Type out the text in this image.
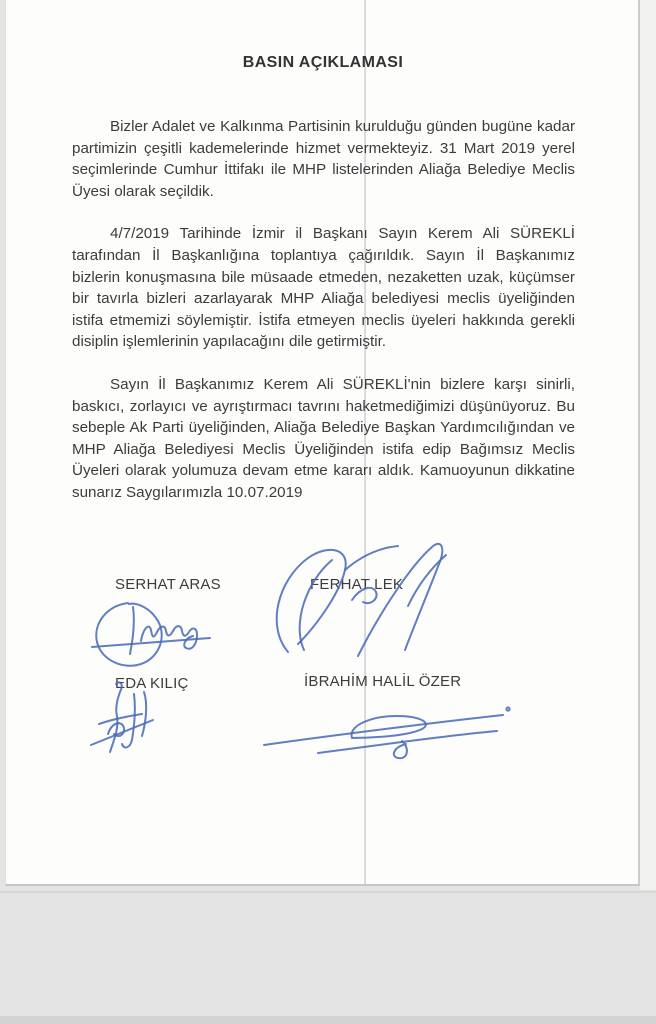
BASIN AÇIKLAMASI

Bizler Adalet ve Kalkınma Partisinin kurulduğu günden bugüne kadar partimizin çeşitli kademelerinde hizmet vermekteyiz. 31 Mart 2019 yerel seçimlerinde Cumhur İttifakı ile MHP listelerinden Aliağa Belediye Meclis Üyesi olarak seçildik.

4/7/2019 Tarihinde İzmir il Başkanı Sayın Kerem Ali SÜREKLİ tarafından İl Başkanlığına toplantıya çağırıldık. Sayın İl Başkanımız bizlerin konuşmasına bile müsaade etmeden, nezaketten uzak, küçümser bir tavırla bizleri azarlayarak MHP Aliağa belediyesi meclis üyeliğinden istifa etmemizi söylemiştir. İstifa etmeyen meclis üyeleri hakkında gerekli disiplin işlemlerinin yapılacağını dile getirmiştir.

Sayın İl Başkanımız Kerem Ali SÜREKLİ'nin bizlere karşı sinirli, baskıcı, zorlayıcı ve ayrıştırmacı tavrını haketmediğimizi düşünüyoruz. Bu sebeple Ak Parti üyeliğinden, Aliağa Belediye Başkan Yardımcılığından ve MHP Aliağa Belediyesi Meclis Üyeliğinden istifa edip Bağımsız Meclis Üyeleri olarak yolumuza devam etme kararı aldık. Kamuoyunun dikkatine sunarız Saygılarımızla 10.07.2019

SERHAT ARAS	FERHAT LEK
EDA KILIÇ	İBRAHİM HALİL ÖZER
